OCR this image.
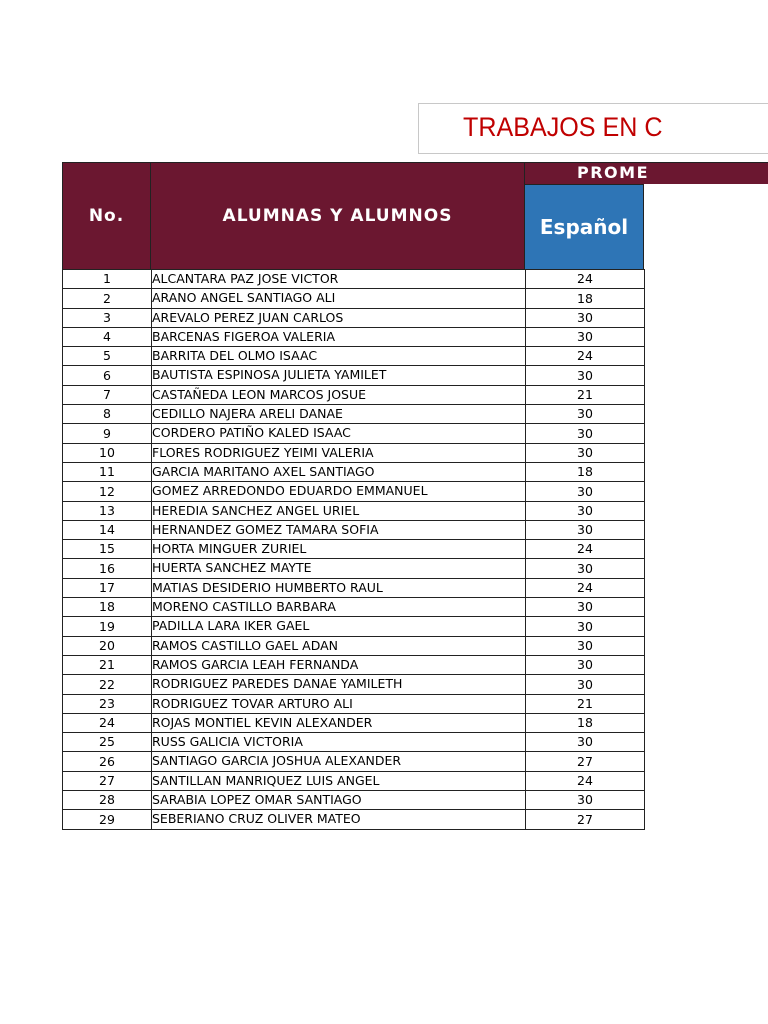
TRABAJOS EN C
No.	ALUMNAS Y ALUMNOS
PROME
Español
1	ALCANTARA PAZ JOSE VICTOR	24
2	ARANO ANGEL SANTIAGO ALI	18
3	AREVALO PEREZ JUAN CARLOS	30
4	BARCENAS FIGEROA VALERIA	30
5	BARRITA DEL OLMO ISAAC	24
6	BAUTISTA ESPINOSA JULIETA YAMILET	30
7	CASTAÑEDA LEON MARCOS JOSUE	21
8	CEDILLO NAJERA ARELI DANAE	30
9	CORDERO PATIÑO KALED ISAAC	30
10	FLORES RODRIGUEZ YEIMI VALERIA	30
11	GARCIA MARITANO AXEL SANTIAGO	18
12	GOMEZ ARREDONDO EDUARDO EMMANUEL	30
13	HEREDIA SANCHEZ ANGEL URIEL	30
14	HERNANDEZ GOMEZ TAMARA SOFIA	30
15	HORTA MINGUER ZURIEL	24
16	HUERTA SANCHEZ MAYTE	30
17	MATIAS DESIDERIO HUMBERTO RAUL	24
18	MORENO CASTILLO BARBARA	30
19	PADILLA LARA IKER GAEL	30
20	RAMOS CASTILLO GAEL ADAN	30
21	RAMOS GARCIA LEAH FERNANDA	30
22	RODRIGUEZ PAREDES DANAE YAMILETH	30
23	RODRIGUEZ TOVAR ARTURO ALI	21
24	ROJAS MONTIEL KEVIN ALEXANDER	18
25	RUSS GALICIA VICTORIA	30
26	SANTIAGO GARCIA JOSHUA ALEXANDER	27
27	SANTILLAN MANRIQUEZ LUIS ANGEL	24
28	SARABIA LOPEZ OMAR SANTIAGO	30
29	SEBERIANO CRUZ OLIVER MATEO	27
